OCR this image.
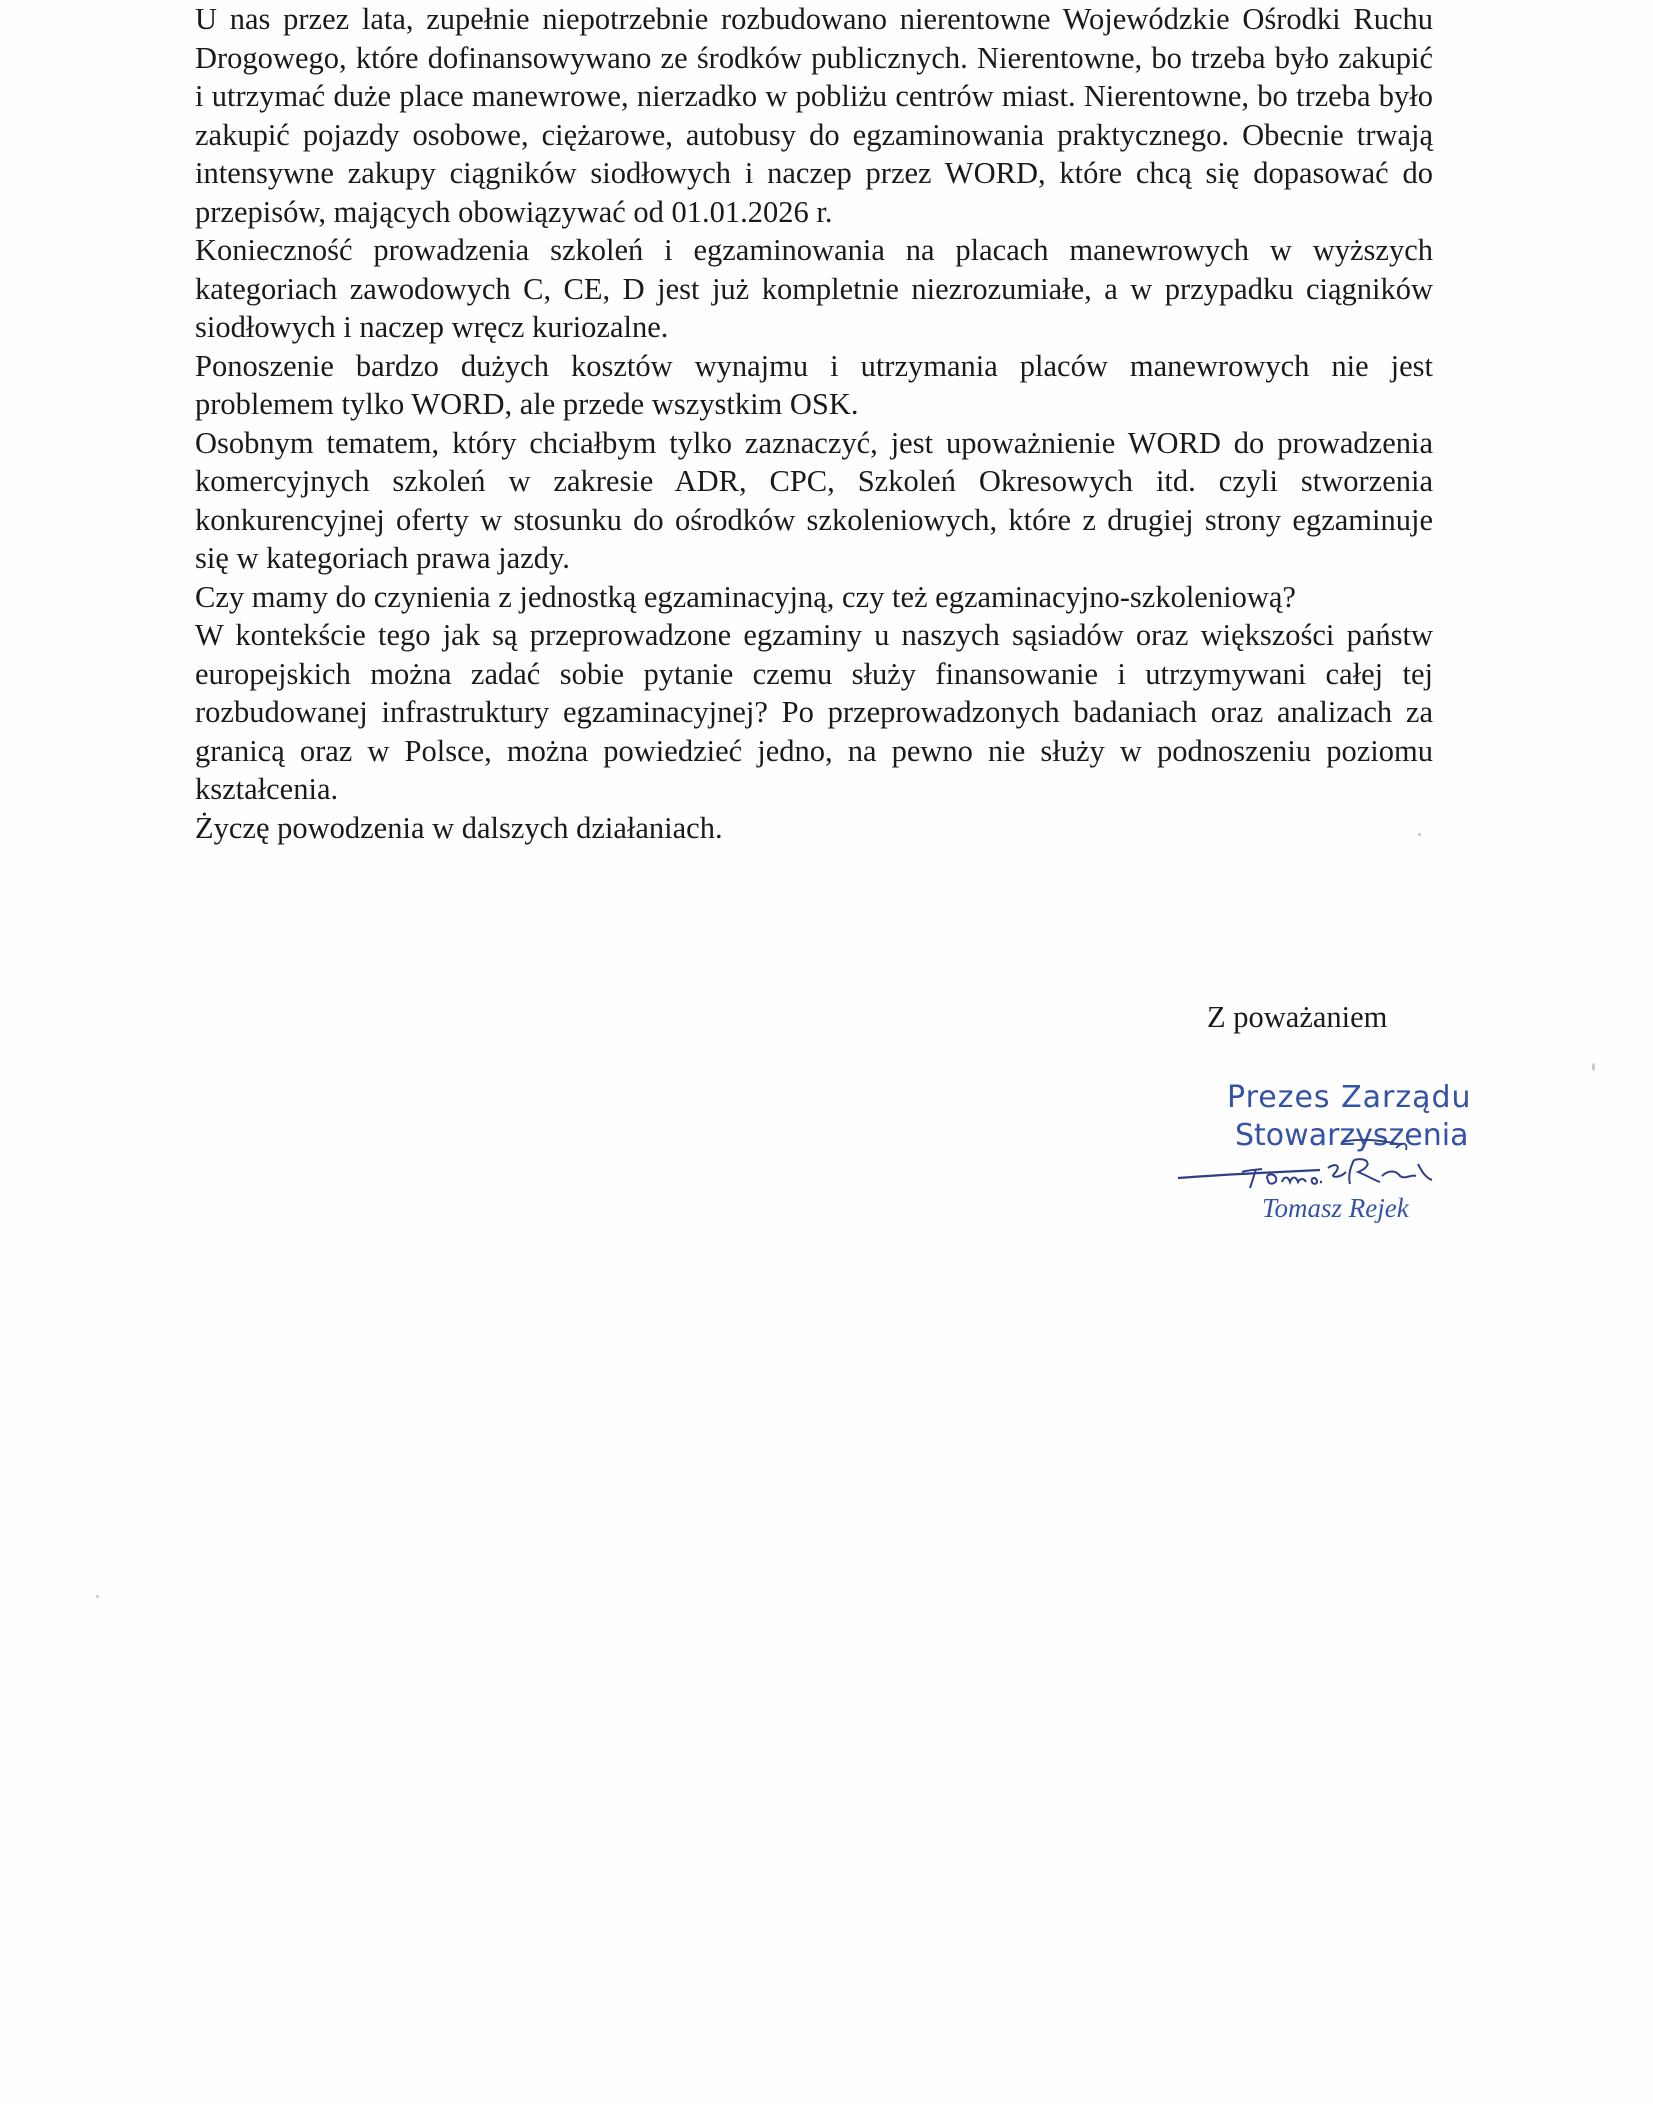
U nas przez lata, zupełnie niepotrzebnie rozbudowano nierentowne Wojewódzkie Ośrodki Ruchu Drogowego, które dofinansowywano ze środków publicznych. Nierentowne, bo trzeba było zakupić i utrzymać duże place manewrowe, nierzadko w pobliżu centrów miast. Nierentowne, bo trzeba było zakupić pojazdy osobowe, ciężarowe, autobusy do egzaminowania praktycznego. Obecnie trwają intensywne zakupy ciągników siodłowych i naczep przez WORD, które chcą się dopasować do przepisów, mających obowiązywać od 01.01.2026 r.

Konieczność prowadzenia szkoleń i egzaminowania na placach manewrowych w wyższych kategoriach zawodowych C, CE, D jest już kompletnie niezrozumiałe, a w przypadku ciągników siodłowych i naczep wręcz kuriozalne.

Ponoszenie bardzo dużych kosztów wynajmu i utrzymania placów manewrowych nie jest problemem tylko WORD, ale przede wszystkim OSK.

Osobnym tematem, który chciałbym tylko zaznaczyć, jest upoważnienie WORD do prowadzenia komercyjnych szkoleń w zakresie ADR, CPC, Szkoleń Okresowych itd. czyli stworzenia konkurencyjnej oferty w stosunku do ośrodków szkoleniowych, które z drugiej strony egzaminuje się w kategoriach prawa jazdy.

Czy mamy do czynienia z jednostką egzaminacyjną, czy też egzaminacyjno-szkoleniową?

W kontekście tego jak są przeprowadzone egzaminy u naszych sąsiadów oraz większości państw europejskich można zadać sobie pytanie czemu służy finansowanie i utrzymywani całej tej rozbudowanej infrastruktury egzaminacyjnej? Po przeprowadzonych badaniach oraz analizach za granicą oraz w Polsce, można powiedzieć jedno, na pewno nie służy w podnoszeniu poziomu kształcenia.

Życzę powodzenia w dalszych działaniach.

Z poważaniem
Prezes Zarządu
Stowarzyszenia
Tomasz Rejek
